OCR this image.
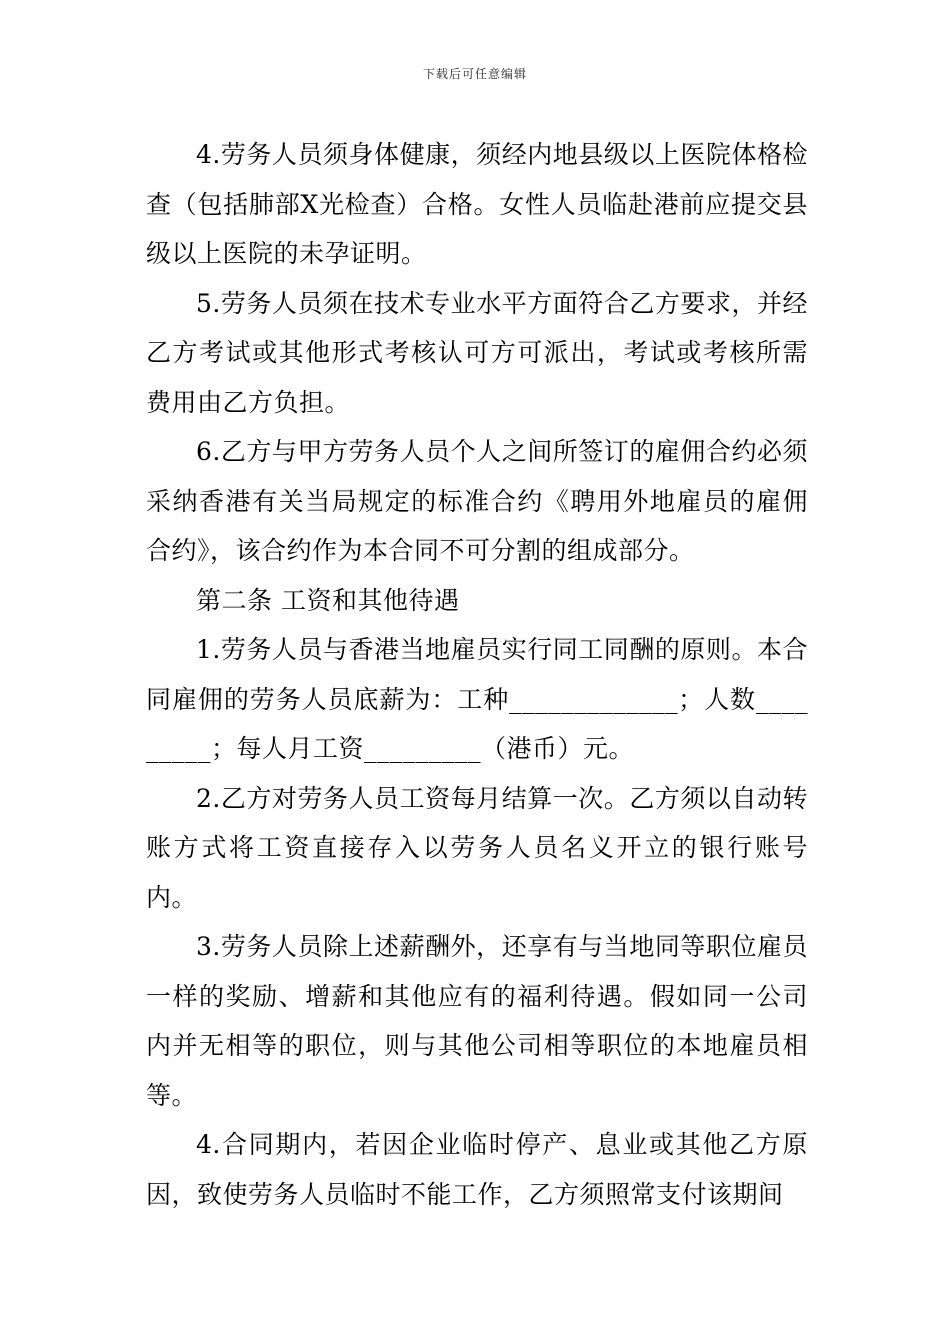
下载后可任意编辑

4.劳务人员须身体健康，须经内地县级以上医院体格检查（包括肺部X光检查）合格。女性人员临赴港前应提交县级以上医院的未孕证明。

5.劳务人员须在技术专业水平方面符合乙方要求，并经乙方考试或其他形式考核认可方可派出，考试或考核所需费用由乙方负担。

6.乙方与甲方劳务人员个人之间所签订的雇佣合约必须采纳香港有关当局规定的标准合约《聘用外地雇员的雇佣合约》，该合约作为本合同不可分割的组成部分。

第二条 工资和其他待遇

1.劳务人员与香港当地雇员实行同工同酬的原则。本合同雇佣的劳务人员底薪为：工种_____________；人数_________；每人月工资_________（港币）元。

2.乙方对劳务人员工资每月结算一次。乙方须以自动转账方式将工资直接存入以劳务人员名义开立的银行账号内。

3.劳务人员除上述薪酬外，还享有与当地同等职位雇员一样的奖励、增薪和其他应有的福利待遇。假如同一公司内并无相等的职位，则与其他公司相等职位的本地雇员相等。

4.合同期内，若因企业临时停产、息业或其他乙方原因，致使劳务人员临时不能工作，乙方须照常支付该期间
